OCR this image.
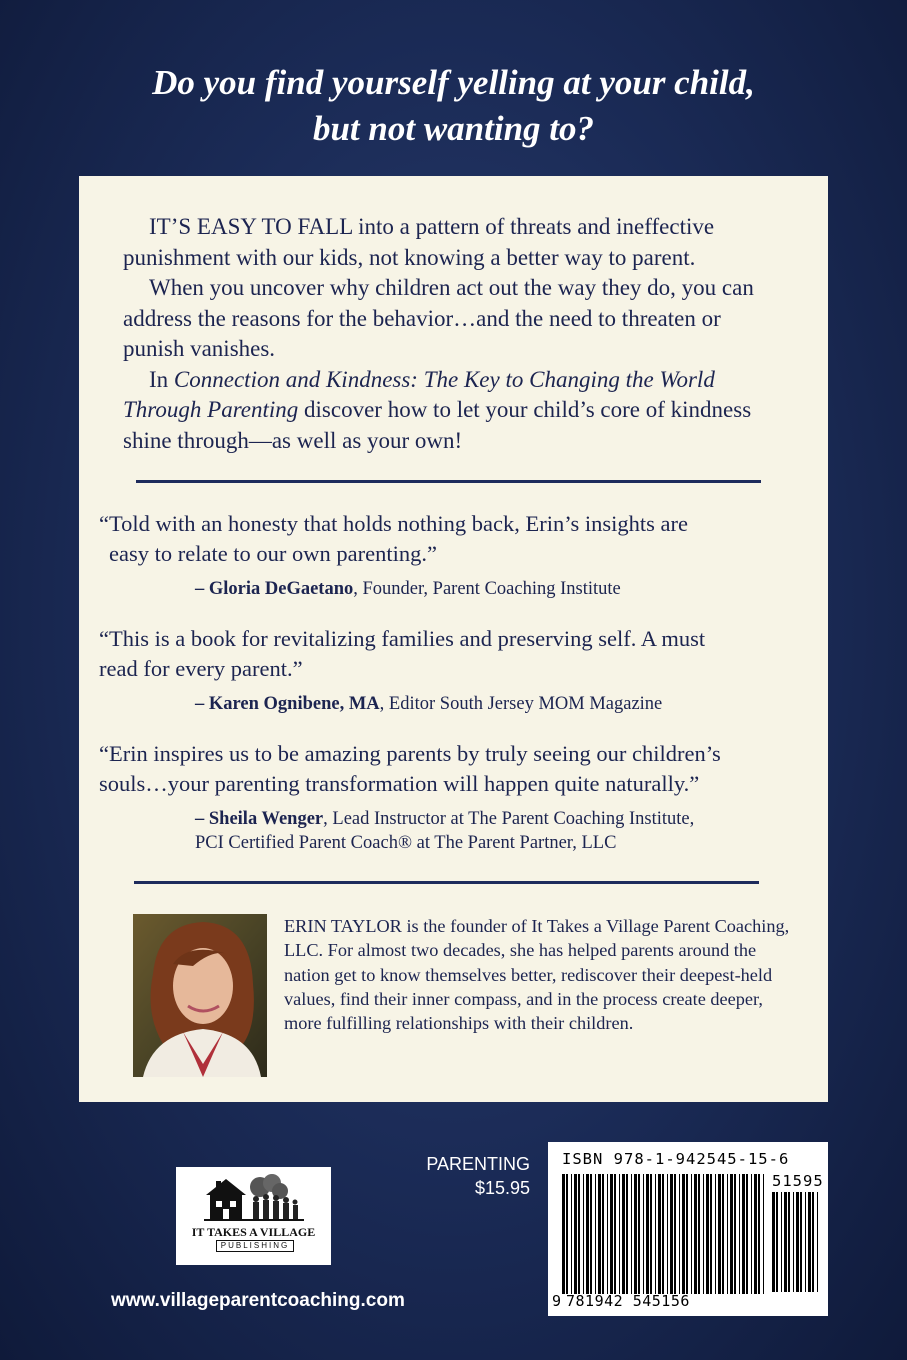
Do you find yourself yelling at your child,
but not wanting to?

IT’S EASY TO FALL into a pattern of threats and ineffective punishment with our kids, not knowing a better way to parent.

When you uncover why children act out the way they do, you can address the reasons for the behavior…and the need to threaten or punish vanishes.

In Connection and Kindness: The Key to Changing the World Through Parenting discover how to let your child’s core of kindness shine through—as well as your own!

“Told with an honesty that holds nothing back, Erin’s insights are
easy to relate to our own parenting.”

– Gloria DeGaetano, Founder, Parent Coaching Institute

“This is a book for revitalizing families and preserving self. A must
read for every parent.”

– Karen Ognibene, MA, Editor South Jersey MOM Magazine

“Erin inspires us to be amazing parents by truly seeing our children’s
souls…your parenting transformation will happen quite naturally.”

– Sheila Wenger, Lead Instructor at The Parent Coaching Institute,
PCI Certified Parent Coach® at The Parent Partner, LLC
ERIN TAYLOR is the founder of It Takes a Village Parent Coaching, LLC. For almost two decades, she has helped parents around the nation get to know themselves better, rediscover their deepest-held values, find their inner compass, and in the process create deeper, more fulfilling relationships with their children.
IT TAKES A VILLAGE
PUBLISHING
PARENTING
$15.95
ISBN 978-1-942545-15-6
51595
9 781942 545156
www.villageparentcoaching.com
